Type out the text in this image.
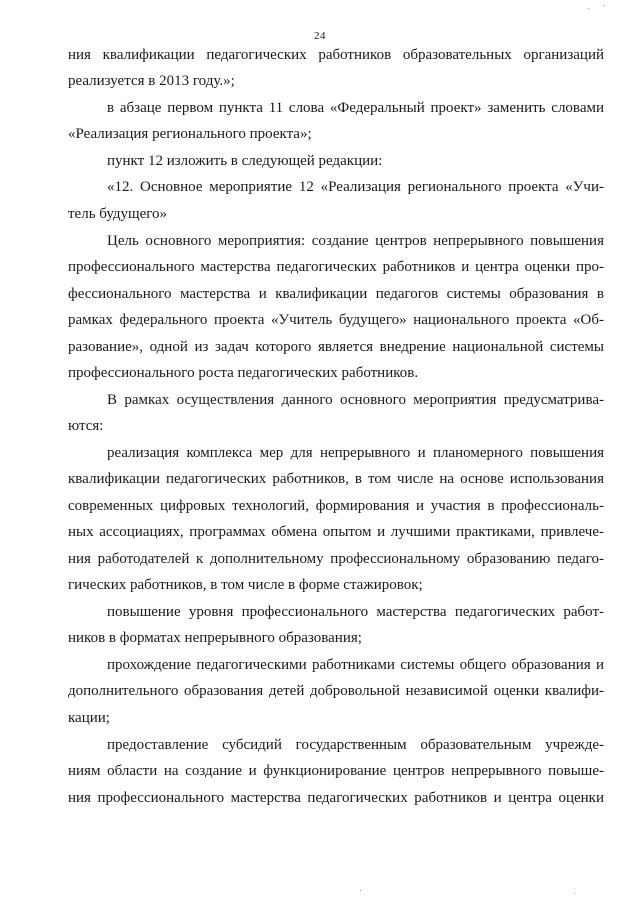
24
ния квалификации педагогических работников образовательных организаций
реализуется в 2013 году.»;
в абзаце первом пункта 11 слова «Федеральный проект» заменить словами
«Реализация регионального проекта»;
пункт 12 изложить в следующей редакции:
«12. Основное мероприятие 12 «Реализация регионального проекта «Учи-
тель будущего»
Цель основного мероприятия: создание центров непрерывного повышения
профессионального мастерства педагогических работников и центра оценки про-
фессионального мастерства и квалификации педагогов системы образования в
рамках федерального проекта «Учитель будущего» национального проекта «Об-
разование», одной из задач которого является внедрение национальной системы
профессионального роста педагогических работников.
В рамках осуществления данного основного мероприятия предусматрива-
ются:
реализация комплекса мер для непрерывного и планомерного повышения
квалификации педагогических работников, в том числе на основе использования
современных цифровых технологий, формирования и участия в профессиональ-
ных ассоциациях, программах обмена опытом и лучшими практиками, привлече-
ния работодателей к дополнительному профессиональному образованию педаго-
гических работников, в том числе в форме стажировок;
повышение уровня профессионального мастерства педагогических работ-
ников в форматах непрерывного образования;
прохождение педагогическими работниками системы общего образования и
дополнительного образования детей добровольной независимой оценки квалифи-
кации;
предоставление субсидий государственным образовательным учрежде-
ниям области на создание и функционирование центров непрерывного повыше-
ния профессионального мастерства педагогических работников и центра оценки
